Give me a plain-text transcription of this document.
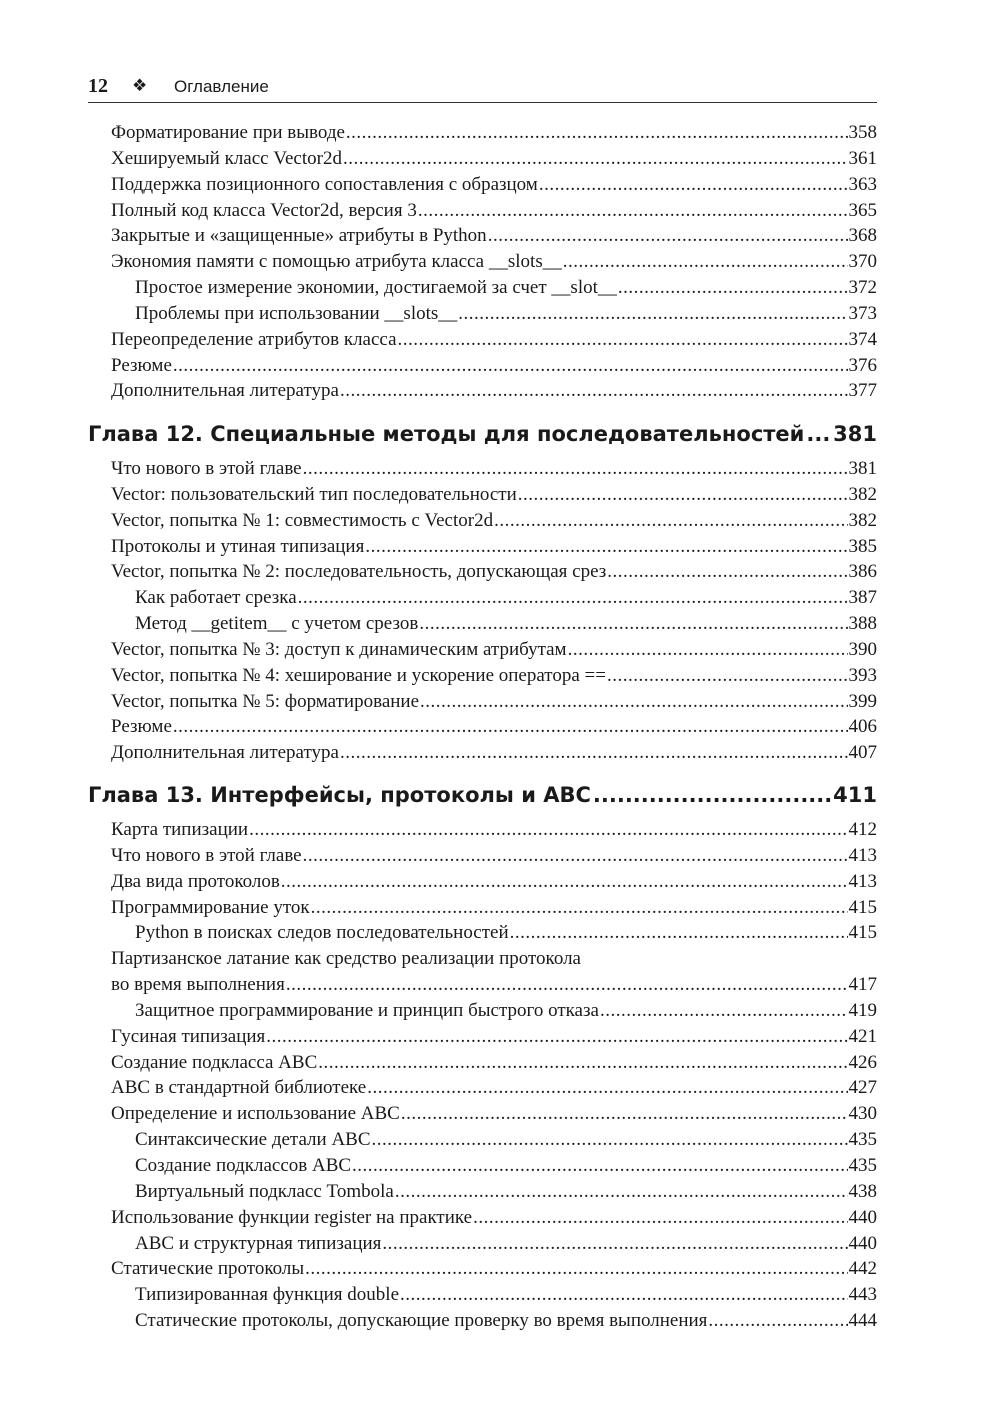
12 ❖ Оглавление
Форматирование при выводе .....	358
Хешируемый класс Vector2d .....	361
Поддержка позиционного сопоставления с образцом .....	363
Полный код класса Vector2d, версия 3 .....	365
Закрытые и «защищенные» атрибуты в Python .....	368
Экономия памяти с помощью атрибута класса __slots__ .....	370
Простое измерение экономии, достигаемой за счет __slot__ .....	372
Проблемы при использовании __slots__ .....	373
Переопределение атрибутов класса .....	374
Резюме .....	376
Дополнительная литература .....	377
Глава 12. Специальные методы для последовательностей ..... 381
Что нового в этой главе .....	381
Vector: пользовательский тип последовательности .....	382
Vector, попытка № 1: совместимость с Vector2d .....	382
Протоколы и утиная типизация .....	385
Vector, попытка № 2: последовательность, допускающая срез .....	386
Как работает срезка .....	387
Метод __getitem__ с учетом срезов .....	388
Vector, попытка № 3: доступ к динамическим атрибутам .....	390
Vector, попытка № 4: хеширование и ускорение оператора == .....	393
Vector, попытка № 5: форматирование .....	399
Резюме .....	406
Дополнительная литература .....	407
Глава 13. Интерфейсы, протоколы и ABC .....	411
Карта типизации .....	412
Что нового в этой главе .....	413
Два вида протоколов .....	413
Программирование уток .....	415
Python в поисках следов последовательностей .....	415
Партизанское латание как средство реализации протокола
во время выполнения .....	417
Защитное программирование и принцип быстрого отказа .....	419
Гусиная типизация .....	421
Создание подкласса ABC .....	426
ABC в стандартной библиотеке .....	427
Определение и использование ABC .....	430
Синтаксические детали ABC .....	435
Создание подклассов ABC .....	435
Виртуальный подкласс Tombola .....	438
Использование функции register на практике .....	440
ABC и структурная типизация .....	440
Статические протоколы .....	442
Типизированная функция double .....	443
Статические протоколы, допускающие проверку во время выполнения .....	444
